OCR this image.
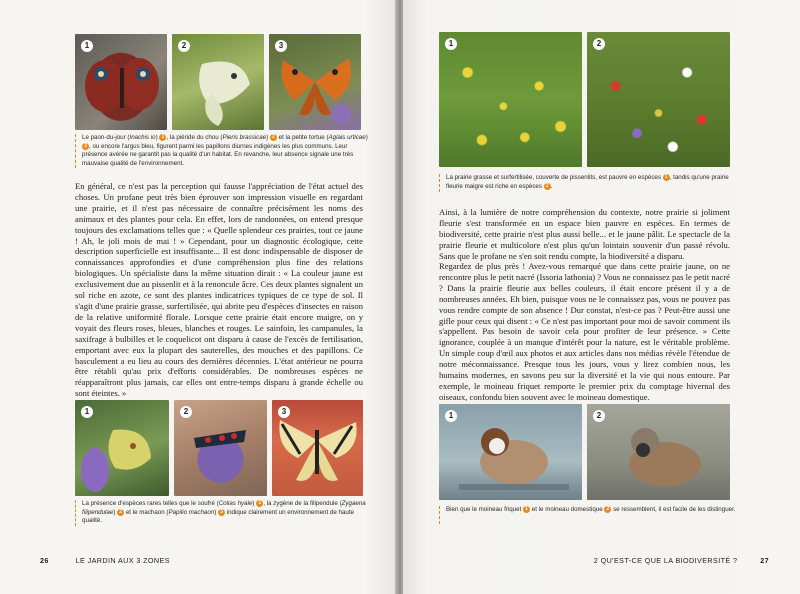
1	2	3
Le paon-du-jour (Inachis io) 1 , la piéride du chou (Pieris brassicae) 2 et la petite tortue (Aglais urticae) 3 , ou encore l'argus bleu, figurent parmi les papillons diurnes indigènes les plus communs. Leur présence avérée ne garantit pas la qualité d'un habitat. En revanche, leur absence signale une très mauvaise qualité de l'environnement.

En général, ce n'est pas la perception qui fausse l'appréciation de l'état actuel des choses. Un profane peut très bien éprouver son impression visuelle en regardant une prairie, et il n'est pas nécessaire de connaître précisément les noms des animaux et des plantes pour cela. En effet, lors de randonnées, on entend presque toujours des exclamations telles que : « Quelle splendeur ces prairies, tout ce jaune ! Ah, le joli mois de mai ! » Cependant, pour un diagnostic écologique, cette description superficielle est insuffisante... Il est donc indispensable de disposer de connaissances approfondies et d'une compréhension plus fine des relations biologiques. Un spécialiste dans la même situation dirait : « La couleur jaune est exclusivement due au pissenlit et à la renoncule âcre. Ces deux plantes signalent un sol riche en azote, ce sont des plantes indicatrices typiques de ce type de sol. Il s'agit d'une prairie grasse, surfertilisée, qui abrite peu d'espèces d'insectes en raison de la relative uniformité florale. Lorsque cette prairie était encore maigre, on y voyait des fleurs roses, bleues, blanches et rouges. Le sainfoin, les campanules, la saxifrage à bulbilles et le coquelicot ont disparu à cause de l'excès de fertilisation, emportant avec eux la plupart des sauterelles, des mouches et des papillons. Ce basculement a eu lieu au cours des dernières décennies. L'état antérieur ne pourra être rétabli qu'au prix d'efforts considérables. De nombreuses espèces ne réapparaîtront plus jamais, car elles ont entre-temps disparu à grande échelle ou sont éteintes. »

1	2	3
La présence d'espèces rares telles que le soufré (Colias hyale) 1 , la zygène de la filipendule (Zygaena filipendulae) 2 et le machaon (Papilio machaon) 3 indique clairement un environnement de haute qualité.
26	LE JARDIN AUX 3 ZONES
1	2
La prairie grasse et surfertilisée, couverte de pissenlits, est pauvre en espèces 1 , tandis qu'une prairie fleurie maigre est riche en espèces 2 .

Ainsi, à la lumière de notre compréhension du contexte, notre prairie si joliment fleurie s'est transformée en un espace bien pauvre en espèces. En termes de biodiversité, cette prairie n'est plus aussi belle... et le jaune pâlit. Le spectacle de la prairie fleurie et multicolore n'est plus qu'un lointain souvenir d'un passé révolu. Sans que le profane ne s'en soit rendu compte, la biodiversité a disparu.

Regardez de plus près ! Avez-vous remarqué que dans cette prairie jaune, on ne rencontre plus le petit nacré (Issoria lathonia) ? Vous ne connaissez pas le petit nacré ? Dans la prairie fleurie aux belles couleurs, il était encore présent il y a de nombreuses années. Eh bien, puisque vous ne le connaissez pas, vous ne pouvez pas vous rendre compte de son absence ! Dur constat, n'est-ce pas ? Peut-être aussi une gifle pour ceux qui disent : « Ce n'est pas important pour moi de savoir comment ils s'appellent. Pas besoin de savoir cela pour profiter de leur présence. » Cette ignorance, couplée à un manque d'intérêt pour la nature, est le véritable problème. Un simple coup d'œil aux photos et aux articles dans nos médias révèle l'étendue de notre méconnaissance. Presque tous les jours, vous y lirez combien nous, les humains modernes, en savons peu sur la diversité et la vie qui nous entoure. Par exemple, le moineau friquet remporte le premier prix du comptage hivernal des oiseaux, confondu bien souvent avec le moineau domestique.

1	2
Bien que le moineau friquet 1 et le moineau domestique 2 se ressemblent, il est facile de les distinguer.
2 QU'EST-CE QUE LA BIODIVERSITÉ ?	27
